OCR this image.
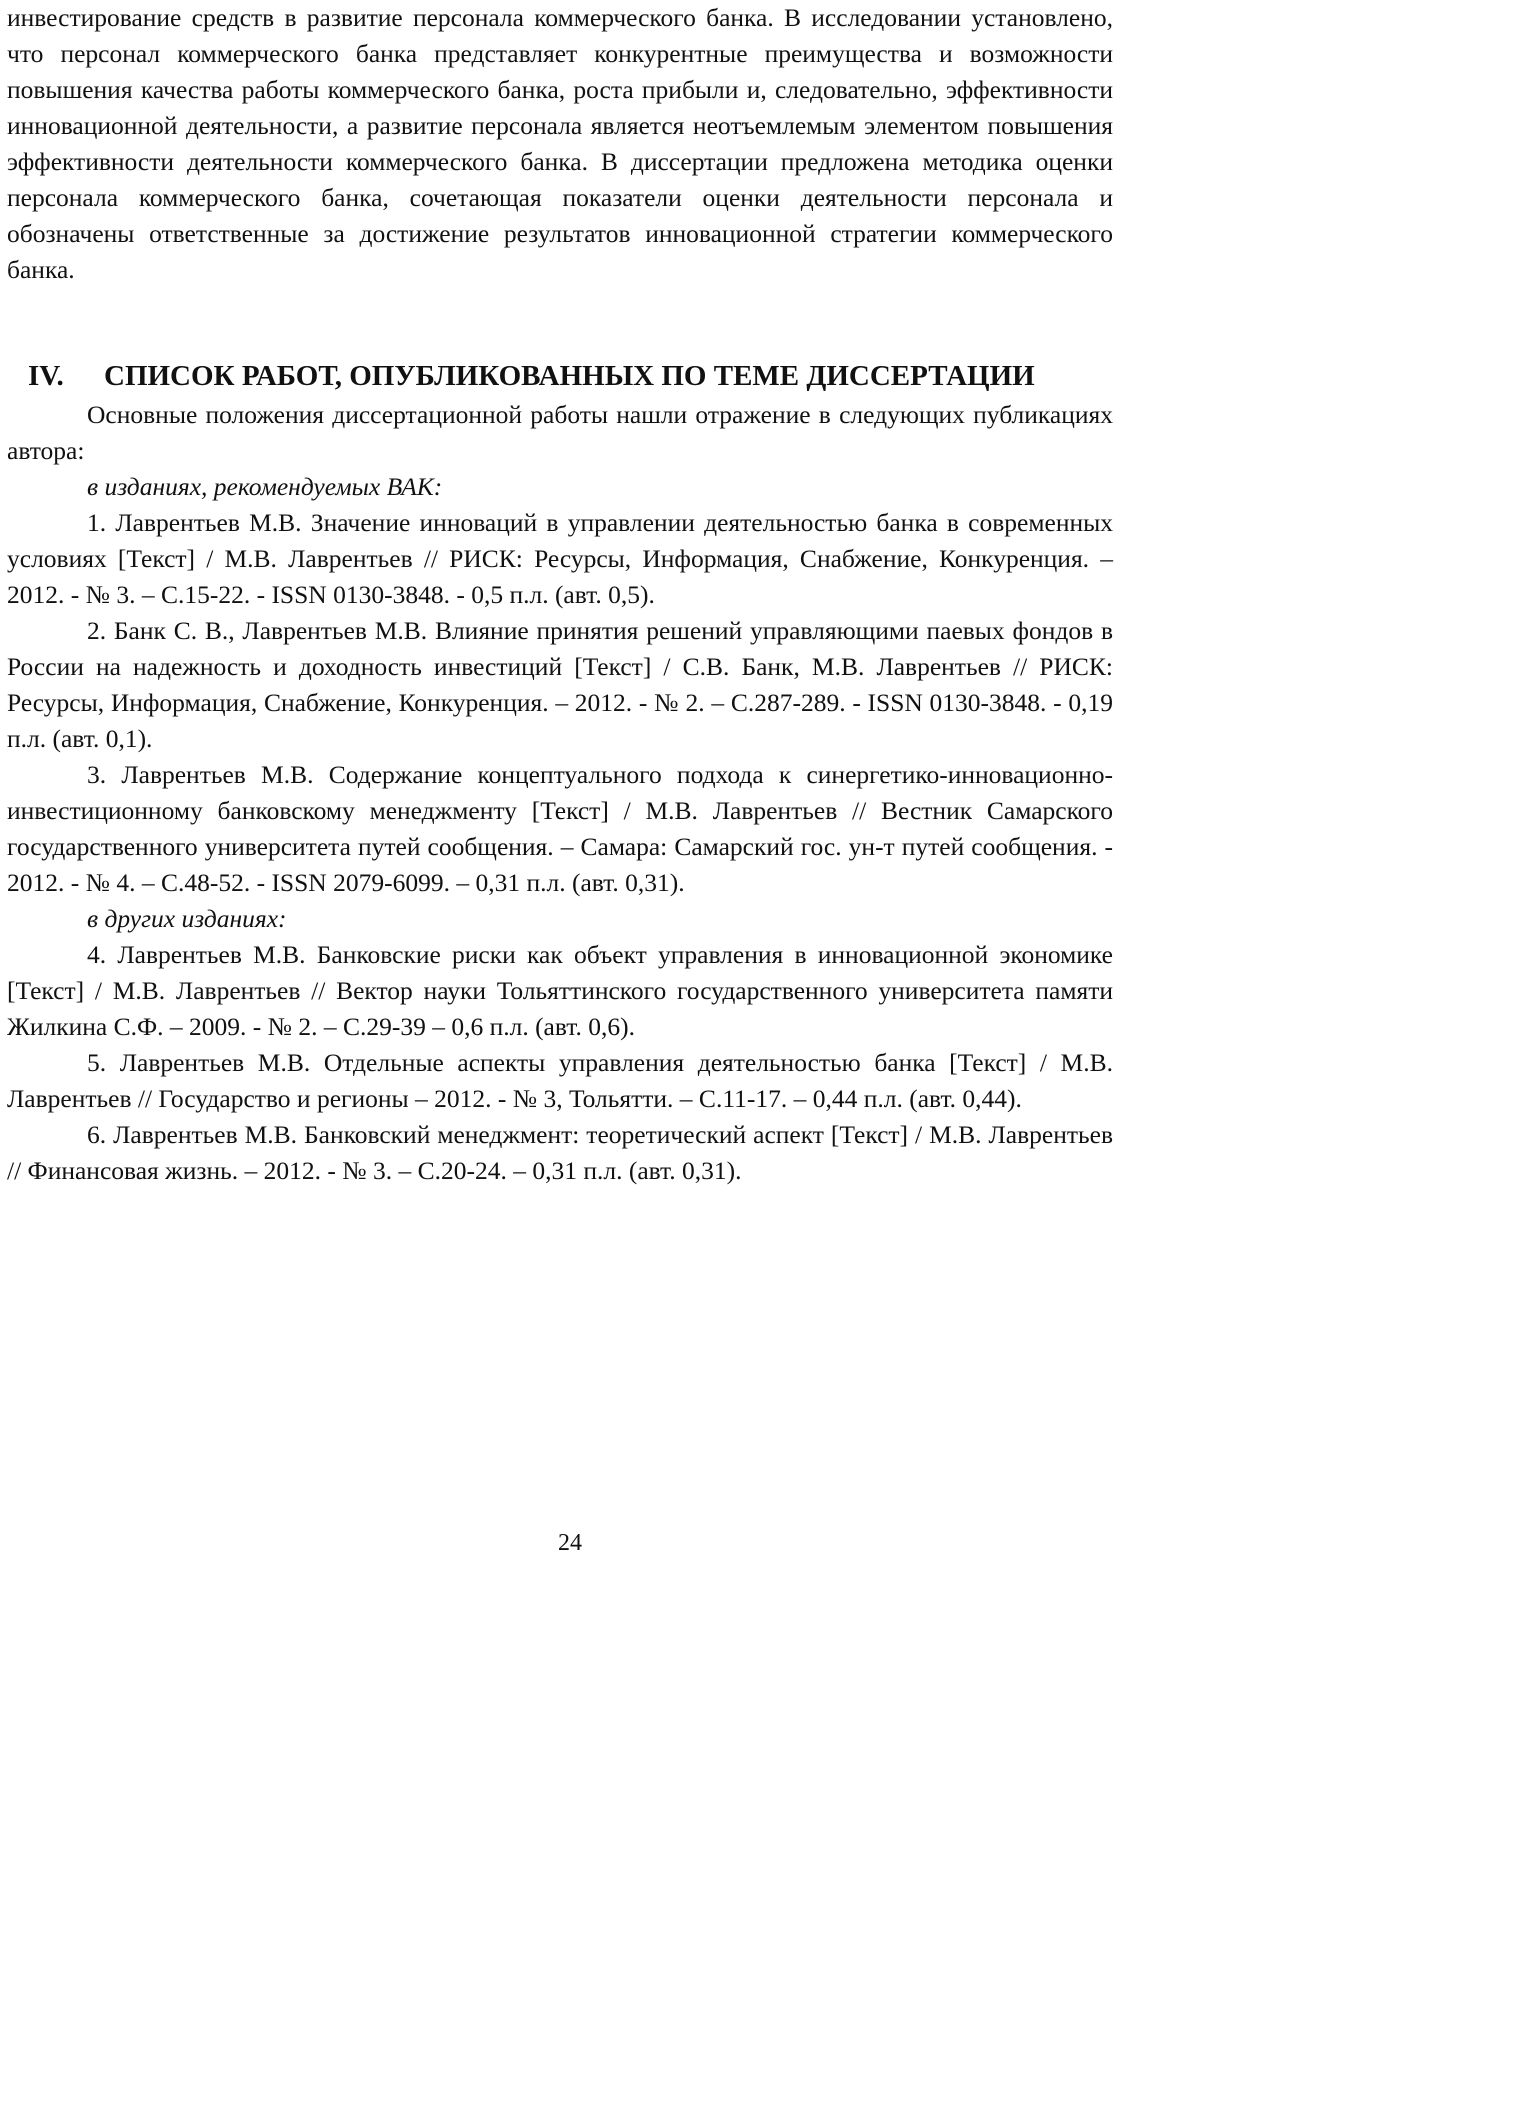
инвестирование средств в развитие персонала коммерческого банка. В исследовании установлено, что персонал коммерческого банка представляет конкурентные преимущества и возможности повышения качества работы коммерческого банка, роста прибыли и, следовательно, эффективности инновационной деятельности, а развитие персонала является неотъемлемым элементом повышения эффективности деятельности коммерческого банка. В диссертации предложена методика оценки персонала коммерческого банка, сочетающая показатели оценки деятельности персонала и обозначены ответственные за достижение результатов инновационной стратегии коммерческого банка.

IV. СПИСОК РАБОТ, ОПУБЛИКОВАННЫХ ПО ТЕМЕ ДИССЕРТАЦИИ

Основные положения диссертационной работы нашли отражение в следующих публикациях автора:

в изданиях, рекомендуемых ВАК:

1. Лаврентьев М.В. Значение инноваций в управлении деятельностью банка в современных условиях [Текст] / М.В. Лаврентьев // РИСК: Ресурсы, Информация, Снабжение, Конкуренция. – 2012. - № 3. – С.15-22. - ISSN 0130-3848. - 0,5 п.л. (авт. 0,5).

2. Банк С. В., Лаврентьев М.В. Влияние принятия решений управляющими паевых фондов в России на надежность и доходность инвестиций [Текст] / С.В. Банк, М.В. Лаврентьев // РИСК: Ресурсы, Информация, Снабжение, Конкуренция. – 2012. - № 2. – С.287-289. - ISSN 0130-3848. - 0,19 п.л. (авт. 0,1).

3. Лаврентьев М.В. Содержание концептуального подхода к синергетико-инновационно-инвестиционному банковскому менеджменту [Текст] / М.В. Лаврентьев // Вестник Самарского государственного университета путей сообщения. – Самара: Самарский гос. ун-т путей сообщения. - 2012. - № 4. – С.48-52. - ISSN 2079-6099. – 0,31 п.л. (авт. 0,31).

в других изданиях:

4. Лаврентьев М.В. Банковские риски как объект управления в инновационной экономике [Текст] / М.В. Лаврентьев // Вектор науки Тольяттинского государственного университета памяти Жилкина С.Ф. – 2009. - № 2. – С.29-39 – 0,6 п.л. (авт. 0,6).

5. Лаврентьев М.В. Отдельные аспекты управления деятельностью банка [Текст] / М.В. Лаврентьев // Государство и регионы – 2012. - № 3, Тольятти. – С.11-17. – 0,44 п.л. (авт. 0,44).

6. Лаврентьев М.В. Банковский менеджмент: теоретический аспект [Текст] / М.В. Лаврентьев // Финансовая жизнь. – 2012. - № 3. – С.20-24. – 0,31 п.л. (авт. 0,31).

24
